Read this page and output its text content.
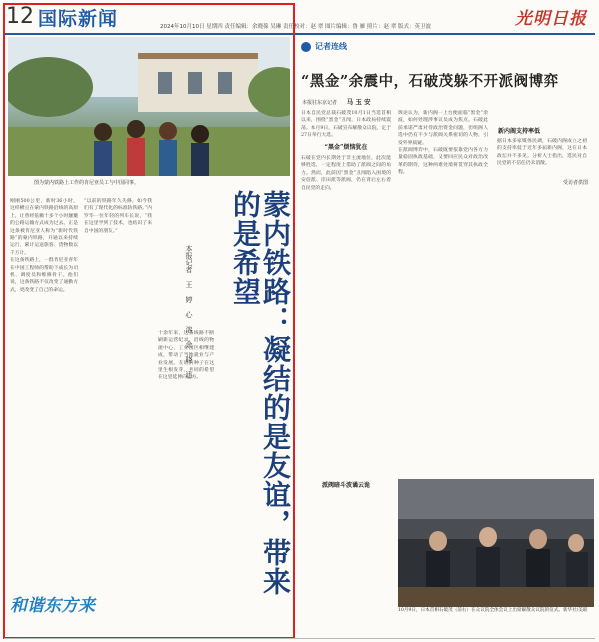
12 国际新闻	2024年10月10日 星期四 责任编辑：余晓葆 吴琳 责任校对：赵 翠 图片编辑：鲁 雁 照片：赵 翠 版式：英卫波	光明日报
图为蒙内铁路上工作的肯尼亚员工与中国同事。	受访者供图
蒙内铁路：凝结的是友谊，带来的是希望
本报记者 王 婷 心 溶 余 晓 迅

刚刚500公里，新时36小时，这样横亘在蒙内铁路沿线的高原上，让曾经依赖十多个小时颠簸的公路运输方式成为过去。正是这条被肯尼亚人称为“新时代铁路”的蒙内铁路，开通以来持续运行，累计运送旅客、货物数以千万计。

在这条铁路上，一群肯尼亚青年在中国工程师的帮助下成长为司机、调度员和维修骨干。他们说，这条铁路不仅改变了通勤方式，更改变了自己的命运。

“以前的铁路年久失修，如今我们有了现代化的标准轨铁路。”内罗毕一位年轻的列车长说，“我在这里学到了技术，也结识了来自中国的朋友。”

十余年来，这条线路不断刷新运营纪录。沿线的物流中心、工业园区相继建成，带动了当地就业与产业发展。友谊的种子在这里生根发芽，共同的希望在这里延伸向远方。

和谐东方来
记者连线
“黑金”余震中，石破茂躲不开派阀博弈
本报驻东京记者 马 玉 安

日本自民党总裁石破茂10月1日当选首相以来，围绕“黑金”丑闻，日本政局持续震荡。本月9日，石破宣布解散众议院，定于27日举行大选。

“黑金”烦恼犹在

石破在党内长期处于非主流地位，此次能够胜选，一定程度上借助了派阀之间的角力。然而，此前因“黑金”丑闻陷入困境的安倍派、岸田派等派阀，仍在背后左右着自民党的走向。

舆论认为，新内阁一上台便面临“黑金”余波，如何处理涉事议员成为焦点。石破此前承诺严肃对待政治资金问题，但组阁人选中仍有不少与派阀关系密切的人物，引发外界质疑。

在派阀博弈中，石破既要依靠党内各方力量稳固执政基础，又要回应民众对政治改革的期待，这种两难处境将贯穿其执政全程。

新内阁支持率低

据日本多家媒体民调，石破内阁成立之初的支持率低于近年多届新内阁，这在日本政坛并不多见。分析人士指出，选民对自民党的不信任仍未消散。

派阀暗斗波谲云诡

10月9日，日本首相石破茂（前右）在众议院全体会议上出席解散众议院的仪式。新华社/美联
